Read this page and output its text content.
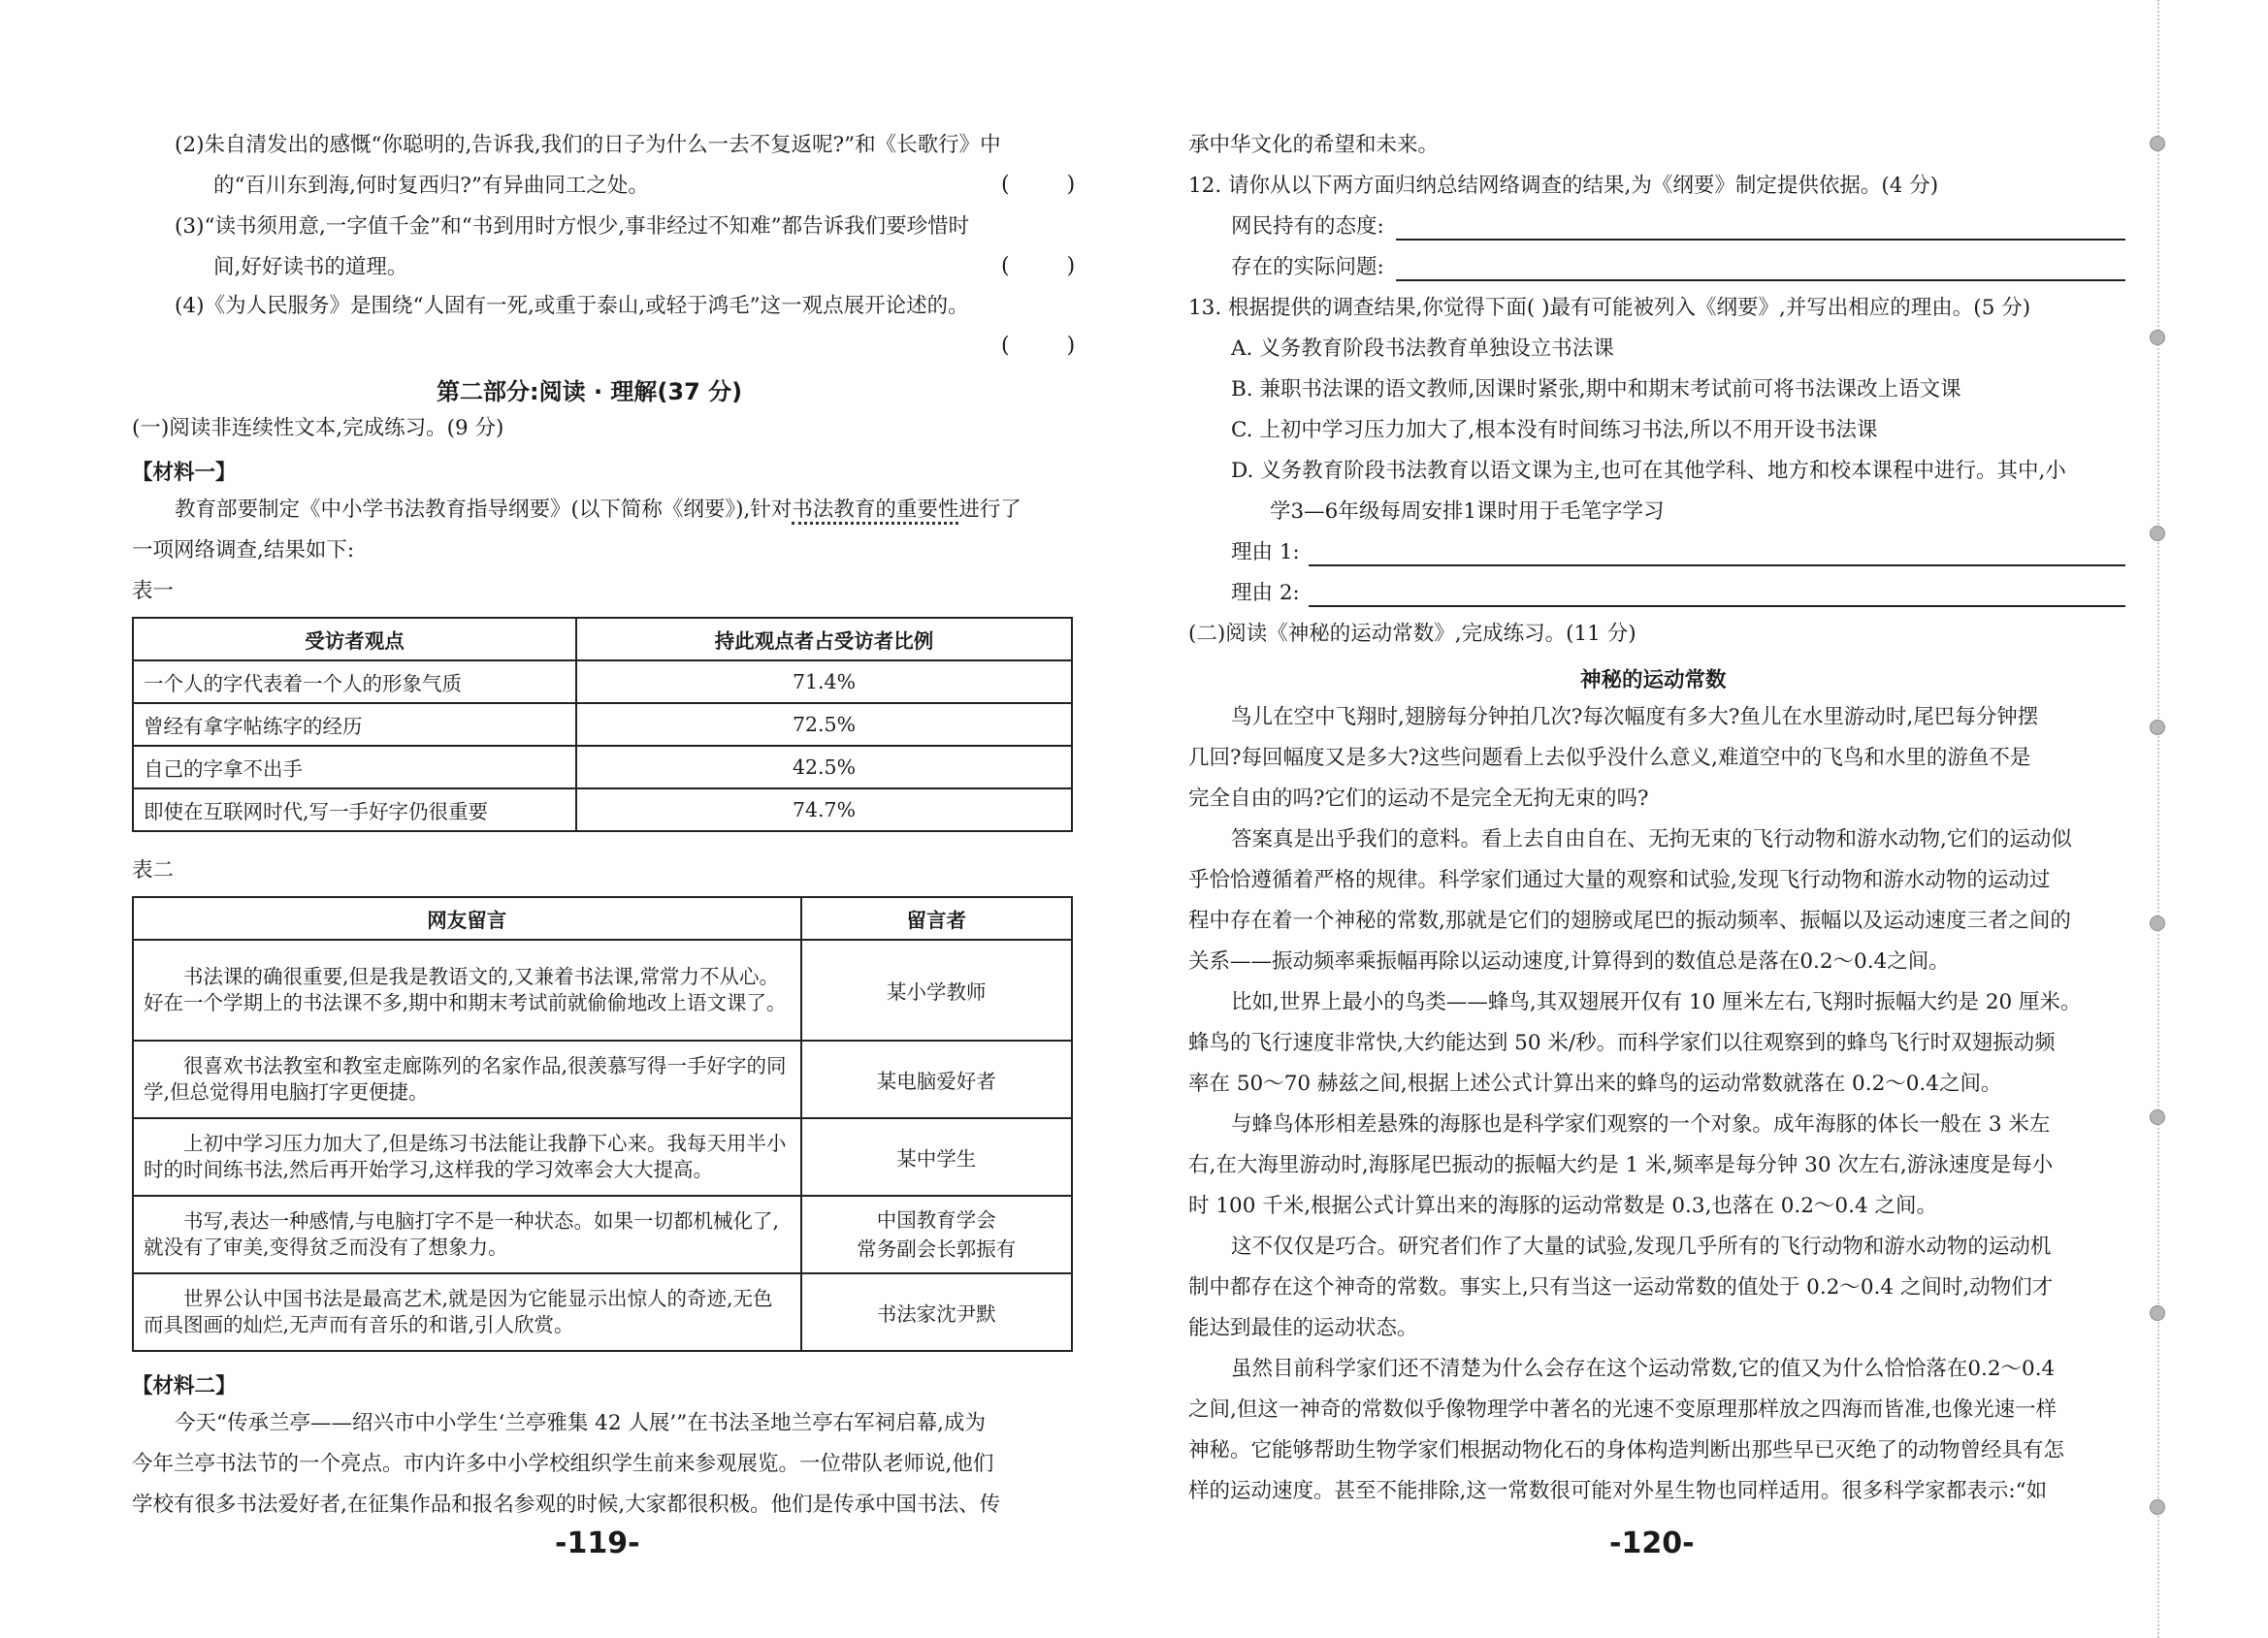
(2)朱自清发出的感慨“你聪明的,告诉我,我们的日子为什么一去不复返呢?”和《长歌行》中
的“百川东到海,何时复西归?”有异曲同工之处。	( )
(3)“读书须用意,一字值千金”和“书到用时方恨少,事非经过不知难”都告诉我们要珍惜时
间,好好读书的道理。	( )
(4)《为人民服务》是围绕“人固有一死,或重于泰山,或轻于鸿毛”这一观点展开论述的。
( )
第二部分:阅读 · 理解(37 分)
(一)阅读非连续性文本,完成练习。(9 分)
【材料一】
教育部要制定《中小学书法教育指导纲要》(以下简称《纲要》),针对书法教育的重要性进行了
一项网络调查,结果如下:
表一
受访者观点	持此观点者占受访者比例
一个人的字代表着一个人的形象气质	71.4%
曾经有拿字帖练字的经历	72.5%
自己的字拿不出手	42.5%
即使在互联网时代,写一手好字仍很重要	74.7%
表二
网友留言	留言者
书法课的确很重要,但是我是教语文的,又兼着书法课,常常力不从心。好在一个学期上的书法课不多,期中和期末考试前就偷偷地改上语文课了。	某小学教师
很喜欢书法教室和教室走廊陈列的名家作品,很羡慕写得一手好字的同学,但总觉得用电脑打字更便捷。	某电脑爱好者
上初中学习压力加大了,但是练习书法能让我静下心来。我每天用半小时的时间练书法,然后再开始学习,这样我的学习效率会大大提高。	某中学生
书写,表达一种感情,与电脑打字不是一种状态。如果一切都机械化了,就没有了审美,变得贫乏而没有了想象力。	中国教育学会
常务副会长郭振有

世界公认中国书法是最高艺术,就是因为它能显示出惊人的奇迹,无色而具图画的灿烂,无声而有音乐的和谐,引人欣赏。	书法家沈尹默
【材料二】
今天“传承兰亭——绍兴市中小学生‘兰亭雅集 42 人展’”在书法圣地兰亭右军祠启幕,成为
今年兰亭书法节的一个亮点。市内许多中小学校组织学生前来参观展览。一位带队老师说,他们
学校有很多书法爱好者,在征集作品和报名参观的时候,大家都很积极。他们是传承中国书法、传
-119-
承中华文化的希望和未来。
12. 请你从以下两方面归纳总结网络调查的结果,为《纲要》制定提供依据。(4 分)
网民持有的态度:
存在的实际问题:
13. 根据提供的调查结果,你觉得下面( )最有可能被列入《纲要》,并写出相应的理由。(5 分)
A. 义务教育阶段书法教育单独设立书法课
B. 兼职书法课的语文教师,因课时紧张,期中和期末考试前可将书法课改上语文课
C. 上初中学习压力加大了,根本没有时间练习书法,所以不用开设书法课
D. 义务教育阶段书法教育以语文课为主,也可在其他学科、地方和校本课程中进行。其中,小
学3—6年级每周安排1课时用于毛笔字学习
理由 1:
理由 2:
(二)阅读《神秘的运动常数》,完成练习。(11 分)
神秘的运动常数
鸟儿在空中飞翔时,翅膀每分钟拍几次?每次幅度有多大?鱼儿在水里游动时,尾巴每分钟摆
几回?每回幅度又是多大?这些问题看上去似乎没什么意义,难道空中的飞鸟和水里的游鱼不是
完全自由的吗?它们的运动不是完全无拘无束的吗?
答案真是出乎我们的意料。看上去自由自在、无拘无束的飞行动物和游水动物,它们的运动似
乎恰恰遵循着严格的规律。科学家们通过大量的观察和试验,发现飞行动物和游水动物的运动过
程中存在着一个神秘的常数,那就是它们的翅膀或尾巴的振动频率、振幅以及运动速度三者之间的
关系——振动频率乘振幅再除以运动速度,计算得到的数值总是落在0.2～0.4之间。
比如,世界上最小的鸟类——蜂鸟,其双翅展开仅有 10 厘米左右,飞翔时振幅大约是 20 厘米。
蜂鸟的飞行速度非常快,大约能达到 50 米/秒。而科学家们以往观察到的蜂鸟飞行时双翅振动频
率在 50～70 赫兹之间,根据上述公式计算出来的蜂鸟的运动常数就落在 0.2～0.4之间。
与蜂鸟体形相差悬殊的海豚也是科学家们观察的一个对象。成年海豚的体长一般在 3 米左
右,在大海里游动时,海豚尾巴振动的振幅大约是 1 米,频率是每分钟 30 次左右,游泳速度是每小
时 100 千米,根据公式计算出来的海豚的运动常数是 0.3,也落在 0.2～0.4 之间。
这不仅仅是巧合。研究者们作了大量的试验,发现几乎所有的飞行动物和游水动物的运动机
制中都存在这个神奇的常数。事实上,只有当这一运动常数的值处于 0.2～0.4 之间时,动物们才
能达到最佳的运动状态。
虽然目前科学家们还不清楚为什么会存在这个运动常数,它的值又为什么恰恰落在0.2～0.4
之间,但这一神奇的常数似乎像物理学中著名的光速不变原理那样放之四海而皆准,也像光速一样
神秘。它能够帮助生物学家们根据动物化石的身体构造判断出那些早已灭绝了的动物曾经具有怎
样的运动速度。甚至不能排除,这一常数很可能对外星生物也同样适用。很多科学家都表示:“如
-120-
